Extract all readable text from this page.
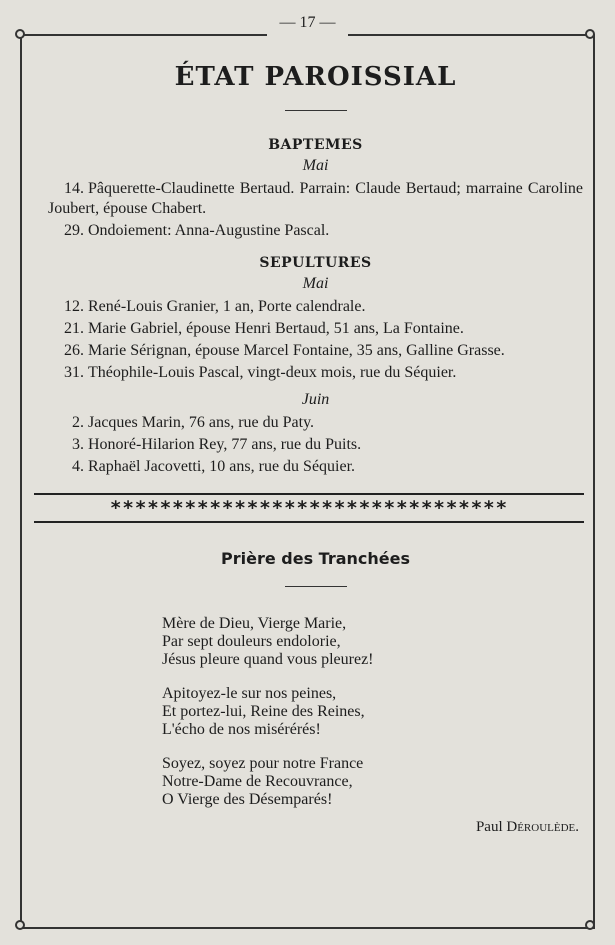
— 17 —
ÉTAT PAROISSIAL
BAPTEMES
Mai

14. Pâquerette-Claudinette Bertaud. Parrain: Claude Bertaud; marraine Caroline Joubert, épouse Chabert.

29. Ondoiement: Anna-Augustine Pascal.

SEPULTURES
Mai

12. René-Louis Granier, 1 an, Porte calendrale.

21. Marie Gabriel, épouse Henri Bertaud, 51 ans, La Fontaine.

26. Marie Sérignan, épouse Marcel Fontaine, 35 ans, Galline Grasse.

31. Théophile-Louis Pascal, vingt-deux mois, rue du Séquier.

Juin

2. Jacques Marin, 76 ans, rue du Paty.

3. Honoré-Hilarion Rey, 77 ans, rue du Puits.

4. Raphaël Jacovetti, 10 ans, rue du Séquier.

********************************
Prière des Tranchées
Mère de Dieu, Vierge Marie,
Par sept douleurs endolorie,
Jésus pleure quand vous pleurez!
Apitoyez-le sur nos peines,
Et portez-lui, Reine des Reines,
L'écho de nos misérérés!
Soyez, soyez pour notre France
Notre-Dame de Recouvrance,
O Vierge des Désemparés!
Paul Déroulède.
